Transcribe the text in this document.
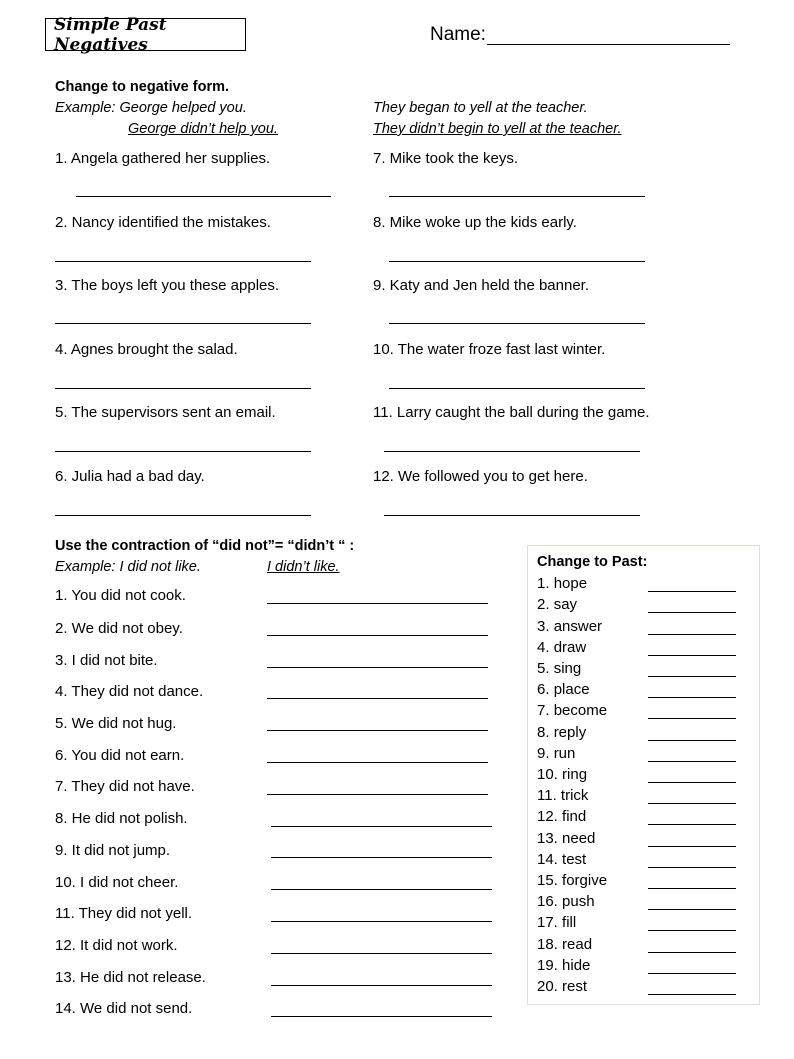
Simple Past Negatives	Name:
Change to negative form.
Example: George helped you.
George didn’t help you.
They began to yell at the teacher.
They didn’t begin to yell at the teacher.
1. Angela gathered her supplies.
2. Nancy identified the mistakes.
3. The boys left you these apples.
4. Agnes brought the salad.
5. The supervisors sent an email.
6. Julia had a bad day.
7. Mike took the keys.
8. Mike woke up the kids early.
9. Katy and Jen held the banner.
10. The water froze fast last winter.
11. Larry caught the ball during the game.
12. We followed you to get here.
Use the contraction of “did not”= “didn’t “ :
Example: I did not like.	I didn’t like.
1. You did not cook.
2. We did not obey.
3. I did not bite.
4. They did not dance.
5. We did not hug.
6. You did not earn.
7. They did not have.
8. He did not polish.
9. It did not jump.
10. I did not cheer.
11. They did not yell.
12. It did not work.
13. He did not release.
14. We did not send.
Change to Past:
1. hope
2. say
3. answer
4. draw
5. sing
6. place
7. become
8. reply
9. run
10. ring
11. trick
12. find
13. need
14. test
15. forgive
16. push
17. fill
18. read
19. hide
20. rest
